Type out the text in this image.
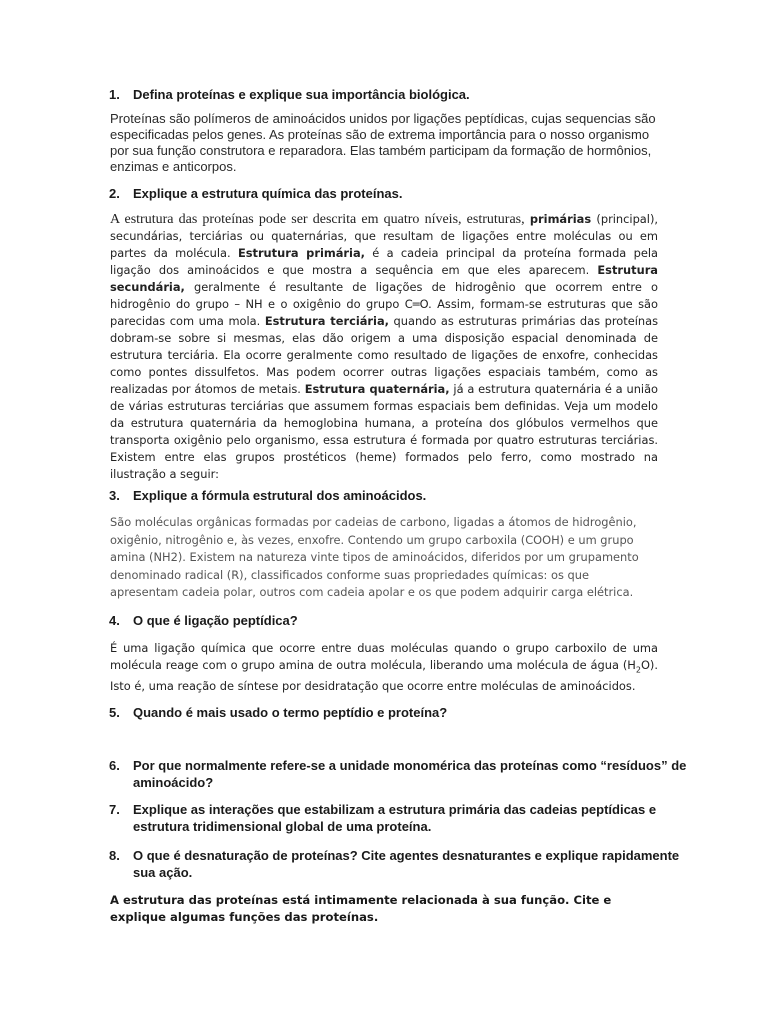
1. Defina proteínas e explique sua importância biológica.
Proteínas são polímeros de aminoácidos unidos por ligações peptídicas, cujas sequencias são especificadas pelos genes. As proteínas são de extrema importância para o nosso organismo por sua função construtora e reparadora. Elas também participam da formação de hormônios, enzimas e anticorpos.
2. Explique a estrutura química das proteínas.
A estrutura das proteínas pode ser descrita em quatro níveis, estruturas, primárias (principal), secundárias, terciárias ou quaternárias, que resultam de ligações entre moléculas ou em partes da molécula. Estrutura primária, é a cadeia principal da proteína formada pela ligação dos aminoácidos e que mostra a sequência em que eles aparecem. Estrutura secundária, geralmente é resultante de ligações de hidrogênio que ocorrem entre o hidrogênio do grupo – NH e o oxigênio do grupo C═O. Assim, formam-se estruturas que são parecidas com uma mola. Estrutura terciária, quando as estruturas primárias das proteínas dobram-se sobre si mesmas, elas dão origem a uma disposição espacial denominada de estrutura terciária. Ela ocorre geralmente como resultado de ligações de enxofre, conhecidas como pontes dissulfetos. Mas podem ocorrer outras ligações espaciais também, como as realizadas por átomos de metais. Estrutura quaternária, já a estrutura quaternária é a união de várias estruturas terciárias que assumem formas espaciais bem definidas. Veja um modelo da estrutura quaternária da hemoglobina humana, a proteína dos glóbulos vermelhos que transporta oxigênio pelo organismo, essa estrutura é formada por quatro estruturas terciárias. Existem entre elas grupos prostéticos (heme) formados pelo ferro, como mostrado na ilustração a seguir:
3. Explique a fórmula estrutural dos aminoácidos.
São moléculas orgânicas formadas por cadeias de carbono, ligadas a átomos de hidrogênio, oxigênio, nitrogênio e, às vezes, enxofre. Contendo um grupo carboxila (COOH) e um grupo amina (NH2). Existem na natureza vinte tipos de aminoácidos, diferidos por um grupamento denominado radical (R), classificados conforme suas propriedades químicas: os que apresentam cadeia polar, outros com cadeia apolar e os que podem adquirir carga elétrica.
4. O que é ligação peptídica?
É uma ligação química que ocorre entre duas moléculas quando o grupo carboxilo de uma molécula reage com o grupo amina de outra molécula, liberando uma molécula de água $(H_2O)$. Isto é, uma reação de síntese por desidratação que ocorre entre moléculas de aminoácidos.
5. Quando é mais usado o termo peptídio e proteína?
6. Por que normalmente refere-se a unidade monomérica das proteínas como “resíduos” de aminoácido?
7. Explique as interações que estabilizam a estrutura primária das cadeias peptídicas e estrutura tridimensional global de uma proteína.
8. O que é desnaturação de proteínas? Cite agentes desnaturantes e explique rapidamente sua ação.
A estrutura das proteínas está intimamente relacionada à sua função. Cite e explique algumas funções das proteínas.
